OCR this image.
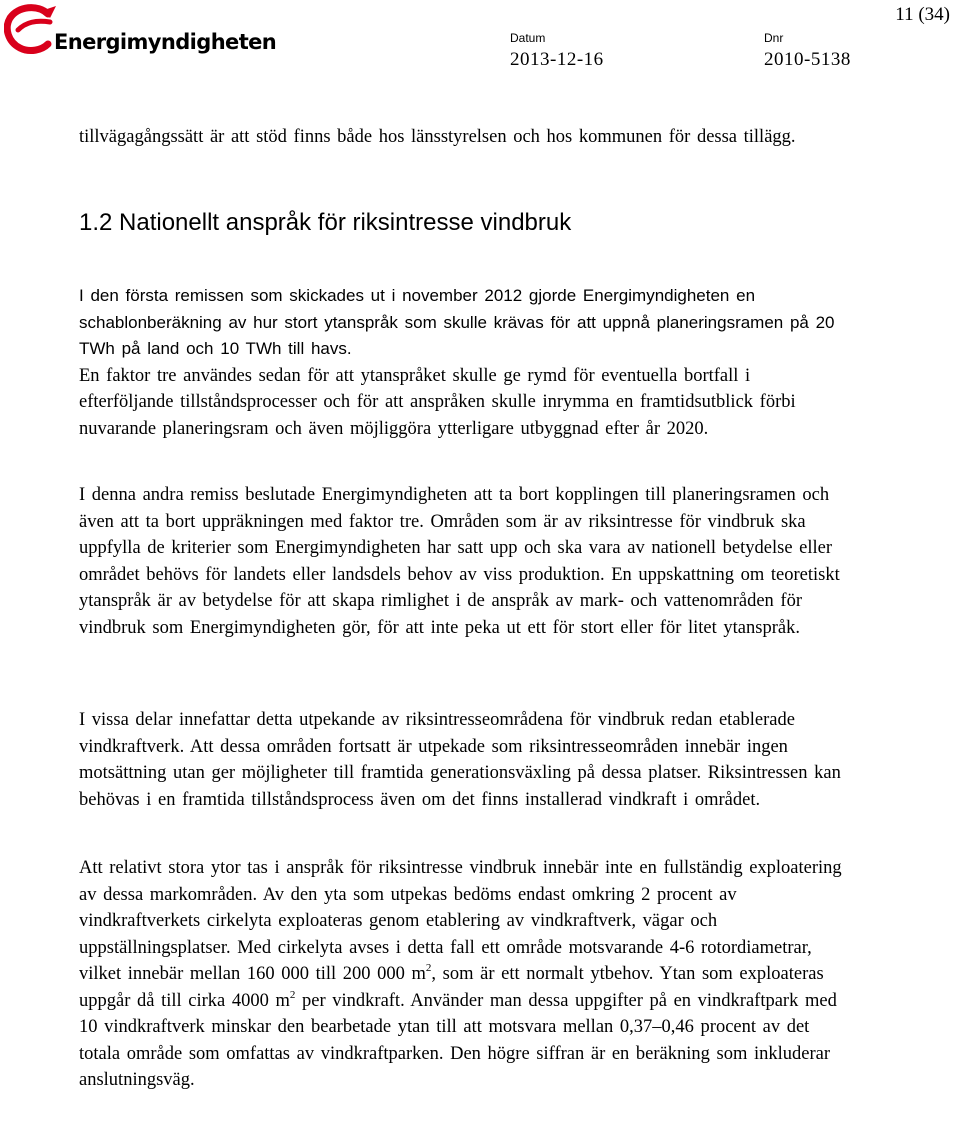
Energimyndigheten	Datum
2013-12-16
Dnr
2010-5138
11 (34)

tillvägagångssätt är att stöd finns både hos länsstyrelsen och hos kommunen för dessa tillägg.

1.2 Nationellt anspråk för riksintresse vindbruk

I den första remissen som skickades ut i november 2012 gjorde Energimyndigheten en schablonberäkning av hur stort ytanspråk som skulle krävas för att uppnå planeringsramen på 20 TWh på land och 10 TWh till havs.

En faktor tre användes sedan för att ytanspråket skulle ge rymd för eventuella bortfall i efterföljande tillståndsprocesser och för att anspråken skulle inrymma en framtidsutblick förbi nuvarande planeringsram och även möjliggöra ytterligare utbyggnad efter år 2020.

I denna andra remiss beslutade Energimyndigheten att ta bort kopplingen till planeringsramen och även att ta bort uppräkningen med faktor tre. Områden som är av riksintresse för vindbruk ska uppfylla de kriterier som Energimyndigheten har satt upp och ska vara av nationell betydelse eller området behövs för landets eller landsdels behov av viss produktion. En uppskattning om teoretiskt ytanspråk är av betydelse för att skapa rimlighet i de anspråk av mark- och vattenområden för vindbruk som Energimyndigheten gör, för att inte peka ut ett för stort eller för litet ytanspråk.

I vissa delar innefattar detta utpekande av riksintresseområdena för vindbruk redan etablerade vindkraftverk. Att dessa områden fortsatt är utpekade som riksintresseområden innebär ingen motsättning utan ger möjligheter till framtida generationsväxling på dessa platser. Riksintressen kan behövas i en framtida tillståndsprocess även om det finns installerad vindkraft i området.

Att relativt stora ytor tas i anspråk för riksintresse vindbruk innebär inte en fullständig exploatering av dessa markområden. Av den yta som utpekas bedöms endast omkring 2 procent av vindkraftverkets cirkelyta exploateras genom etablering av vindkraftverk, vägar och uppställningsplatser. Med cirkelyta avses i detta fall ett område motsvarande 4-6 rotordiametrar, vilket innebär mellan 160 000 till 200 000 $m^2$, som är ett normalt ytbehov. Ytan som exploateras uppgår då till cirka 4000 $m^2$ per vindkraft. Använder man dessa uppgifter på en vindkraftpark med 10 vindkraftverk minskar den bearbetade ytan till att motsvara mellan 0,37–0,46 procent av det totala område som omfattas av vindkraftparken. Den högre siffran är en beräkning som inkluderar anslutningsväg.
